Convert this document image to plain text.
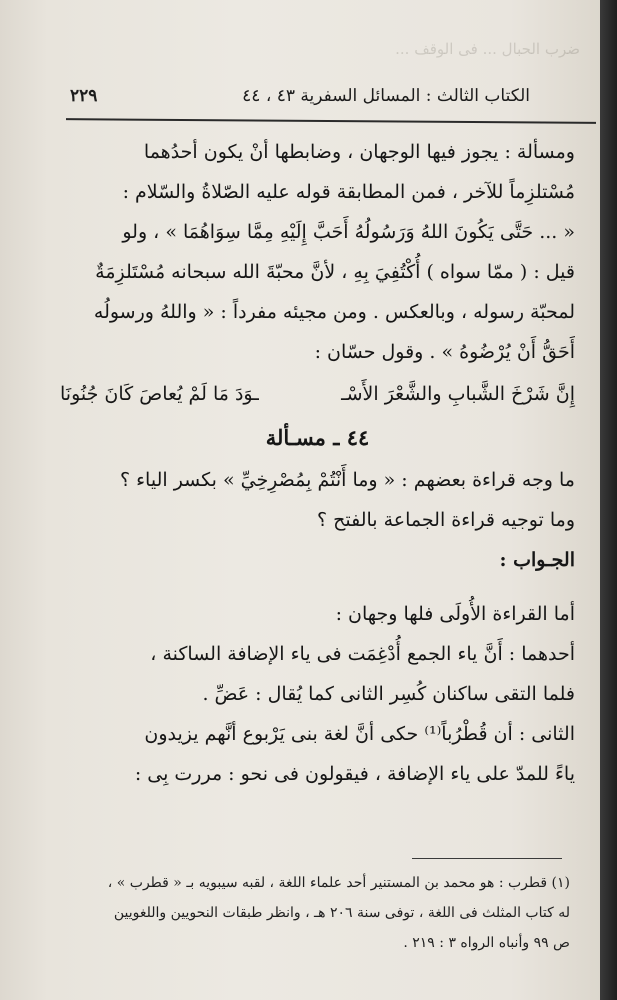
ضرب الحبال ... فى الوقف ...
الكتاب الثالث : المسائل السفرية ٤٣ ، ٤٤
٢٢٩
ومسألة : يجوز فيها الوجهان ، وضابطها أنْ يكون أحدُهما
مُسْتلزِماً للآخر ، فمن المطابقة قوله عليه الصّلاةُ والسّلام :
« ... حَتَّى يَكُونَ اللهُ وَرَسُولُهُ أَحَبَّ إِلَيْهِ مِمَّا سِوَاهُمَا » ، ولو
قيل : ( ممّا سواه ) أُكْتُفِيَ بِهِ ، لأنَّ محبّةَ الله سبحانه مُسْتَلزِمَةٌ
لمحبّة رسوله ، وبالعكس . ومن مجيئه مفرداً : « واللهُ ورسولُه
أَحَقُّ أَنْ يُرْضُوهُ » . وقول حسّان :
إِنَّ شَرْخَ الشَّبابِ والشَّعْرَ الأَسْـ
ـوَدَ مَا لَمْ يُعاصَ كَانَ جُنُونَا
٤٤ ـ مسـألة
ما وجه قراءة بعضهم : « وما أَنْتُمْ بِمُصْرِخِيِّ » بكسر الياء ؟
وما توجيه قراءة الجماعة بالفتح ؟
الجـواب :
أما القراءة الأُولَى فلها وجهان :
أحدهما : أَنَّ ياء الجمع أُدْغِمَت فى ياء الإضافة الساكنة ،
فلما التقى ساكنان كُسِر الثانى كما يُقال : عَضِّ .
الثانى : أن قُطْرُباً⁽¹⁾ حكى أنَّ لغة بنى يَرْبوع أنَّهم يزيدون
ياءً للمدّ على ياء الإضافة ، فيقولون فى نحو : مررت بِى :
(١) قطرب : هو محمد بن المستنير أحد علماء اللغة ، لقبه سيبويه بـ « قطرب » ،
له كتاب المثلث فى اللغة ، توفى سنة ٢٠٦ هـ ، وانظر طبقات النحويين واللغويين
ص ٩٩ وأنباه الرواه ٣ : ٢١٩ .
